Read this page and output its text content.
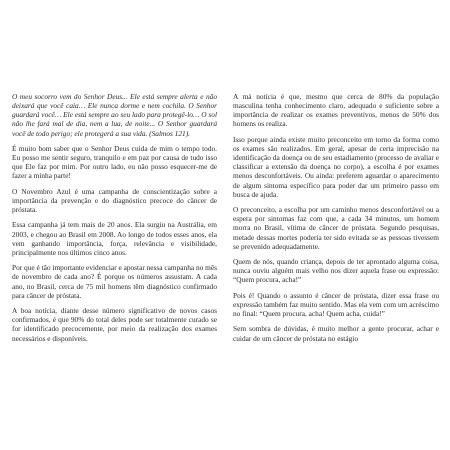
O meu socorro vem do Senhor Deus... Ele está sempre alerta e não deixará que você caia… Ele nunca dorme e nem cochila. O Senhor guardará você… Ele está sempre ao seu lado para protegê-lo… O sol não lhe fará mal de dia, nem a lua, de noite... O Senhor guardará você de todo perigo; ele protegerá a sua vida. (Salmos 121).

É muito bom saber que o Senhor Deus cuida de mim o tempo todo. Eu posso me sentir seguro, tranquilo e em paz por causa de tudo isso que Ele faz por mim. Por outro lado, eu não posso esquecer-me de fazer a minha parte!

O Novembro Azul é uma campanha de conscientização sobre a importância da prevenção e do diagnóstico precoce do câncer de próstata.

Essa campanha já tem mais de 20 anos. Ela surgiu na Austrália, em 2003, e chegou ao Brasil em 2008. Ao longo de todos esses anos, ela vem ganhando importância, força, relevância e visibilidade, principalmente nos últimos cinco anos.

Por que é tão importante evidenciar e apostar nessa campanha no mês de novembro de cada ano? É porque os números assustam. A cada ano, no Brasil, cerca de 75 mil homens têm diagnóstico confirmado para câncer de próstata.

A boa notícia, diante desse número significativo de novos casos confirmados, é que 90% do total deles pode ser totalmente curado se for identificado precocemente, por meio da realização dos exames necessários e disponíveis.

A má notícia é que, mesmo que cerca de 80% da população masculina tenha conhecimento claro, adequado e suficiente sobre a importância de realizar os exames preventivos, menos de 50% dos homens os realiza.

Isso porque ainda existe muito preconceito em torno da forma como os exames são realizados. Em geral, apesar de certa imprecisão na identificação da doença ou de seu estadiamento (processo de avaliar e classificar a extensão da doença no corpo), a escolha é por exames menos desconfortáveis. Ou ainda: preferem aguardar o aparecimento de algum sintoma específico para poder dar um primeiro passo em busca de ajuda.

O preconceito, a escolha por um caminho menos desconfortável ou a espera por sintomas faz com que, a cada 34 minutos, um homem morra no Brasil, vítima de câncer de próstata. Segundo pesquisas, metade dessas mortes poderia ter sido evitada se as pessoas tivessem se prevenido adequadamente.

Quem de nós, quando criança, depois de ter aprontado alguma coisa, nunca ouviu alguém mais velho nos dizer aquela frase ou expressão: “Quem procura, acha!”

Pois é! Quando o assunto é câncer de próstata, dizer essa frase ou expressão também faz muito sentido. Mas ela vem com um acréscimo no final: “Quem procura, acha! Quem acha, cuida!”

Sem sombra de dúvidas, é muito melhor a gente procurar, achar e cuidar de um câncer de próstata no estágio
